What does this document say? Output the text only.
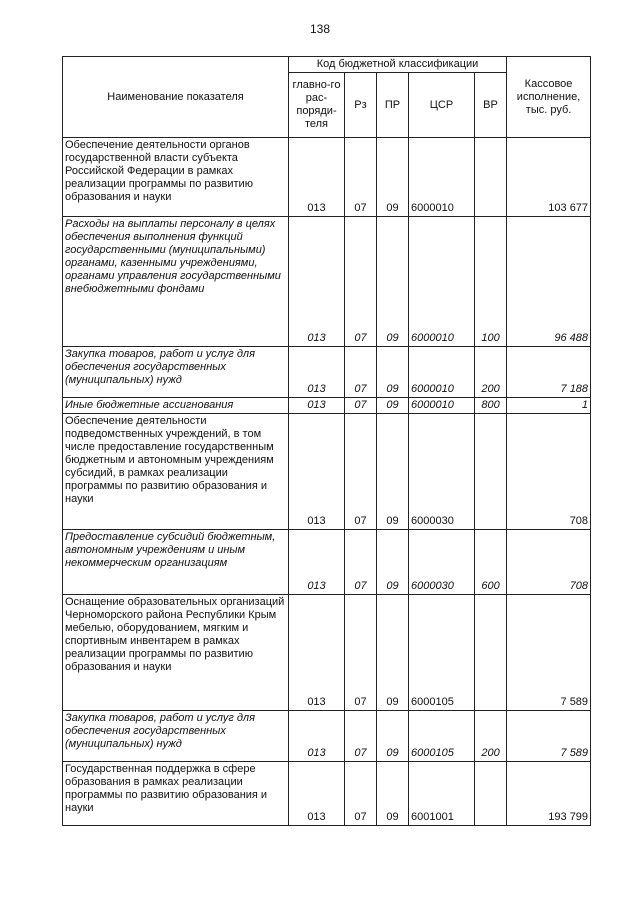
138
Наименование показателя	Код бюджетной классификации					Кассовое исполнение, тыс. руб.
	главно-го рас-поряди-теля	Рз	ПР	ЦСР	ВР	
Обеспечение деятельности органов государственной власти субъекта Российской Федерации в рамках реализации программы по развитию образования и науки	013	07	09	6000010		103 677
Расходы на выплаты персоналу в целях обеспечения выполнения функций государственными (муниципальными) органами, казенными учреждениями, органами управления государственными внебюджетными фондами	013	07	09	6000010	100	96 488
Закупка товаров, работ и услуг для обеспечения государственных (муниципальных) нужд	013	07	09	6000010	200	7 188
Иные бюджетные ассигнования	013	07	09	6000010	800	1
Обеспечение деятельности подведомственных учреждений, в том числе предоставление государственным бюджетным и автономным учреждениям субсидий, в рамках реализации программы по развитию образования и науки	013	07	09	6000030		708
Предоставление субсидий бюджетным, автономным учреждениям и иным некоммерческим организациям	013	07	09	6000030	600	708
Оснащение образовательных организаций Черноморского района Республики Крым мебелью, оборудованием, мягким и спортивным инвентарем в рамках реализации программы по развитию образования и науки	013	07	09	6000105		7 589
Закупка товаров, работ и услуг для обеспечения государственных (муниципальных) нужд	013	07	09	6000105	200	7 589
Государственная поддержка в сфере образования в рамках реализации программы по развитию образования и науки	013	07	09	6001001		193 799
